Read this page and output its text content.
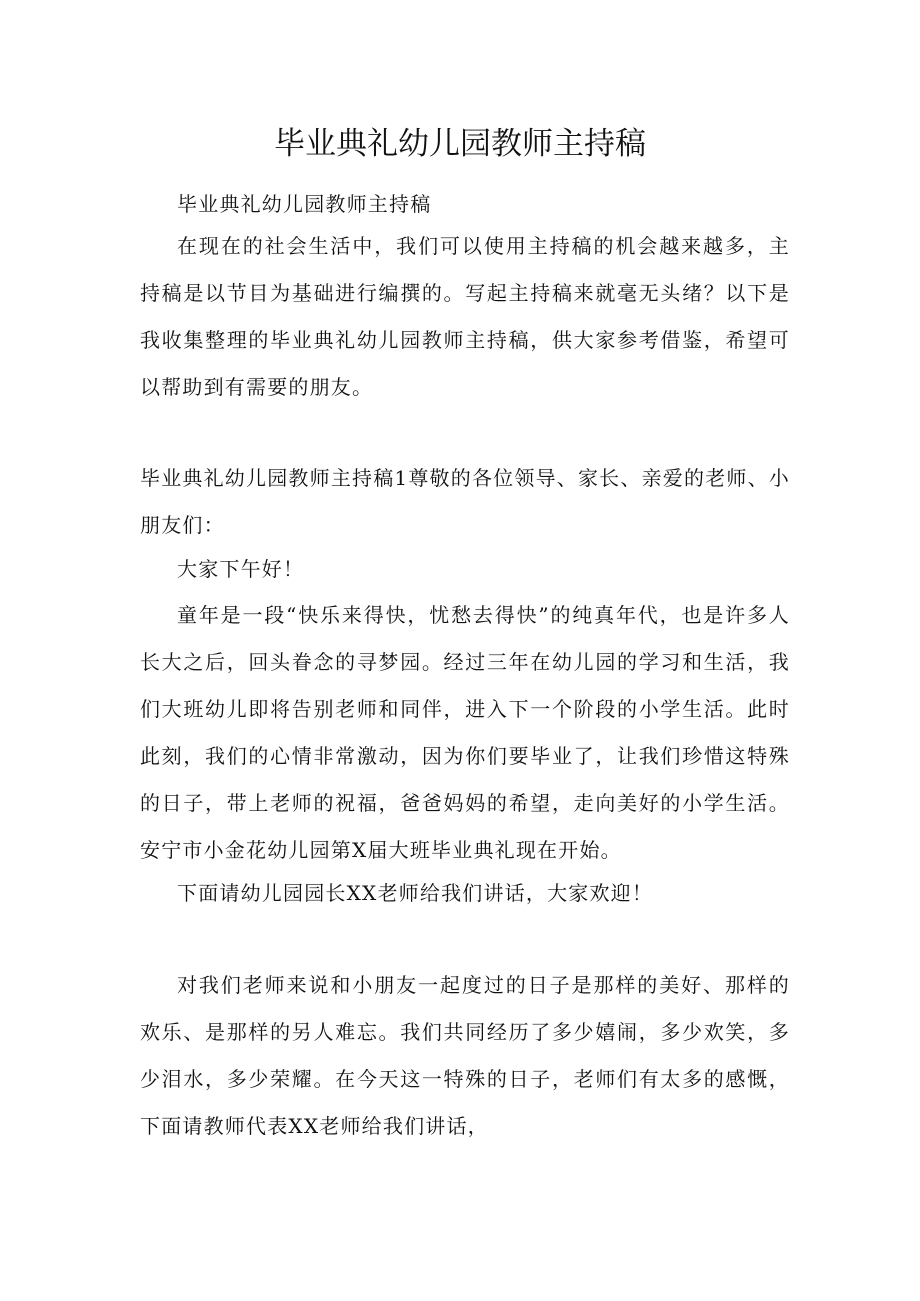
毕业典礼幼儿园教师主持稿

毕业典礼幼儿园教师主持稿

在现在的社会生活中，我们可以使用主持稿的机会越来越多，主持稿是以节目为基础进行编撰的。写起主持稿来就毫无头绪？以下是我收集整理的毕业典礼幼儿园教师主持稿，供大家参考借鉴，希望可以帮助到有需要的朋友。

毕业典礼幼儿园教师主持稿1尊敬的各位领导、家长、亲爱的老师、小朋友们：

大家下午好！

童年是一段“快乐来得快，忧愁去得快”的纯真年代，也是许多人长大之后，回头眷念的寻梦园。经过三年在幼儿园的学习和生活，我们大班幼儿即将告别老师和同伴，进入下一个阶段的小学生活。此时此刻，我们的心情非常激动，因为你们要毕业了，让我们珍惜这特殊的日子，带上老师的祝福，爸爸妈妈的希望，走向美好的小学生活。安宁市小金花幼儿园第X届大班毕业典礼现在开始。

下面请幼儿园园长XX老师给我们讲话，大家欢迎！

对我们老师来说和小朋友一起度过的日子是那样的美好、那样的欢乐、是那样的另人难忘。我们共同经历了多少嬉闹，多少欢笑，多少泪水，多少荣耀。在今天这一特殊的日子，老师们有太多的感慨，下面请教师代表XX老师给我们讲话，
